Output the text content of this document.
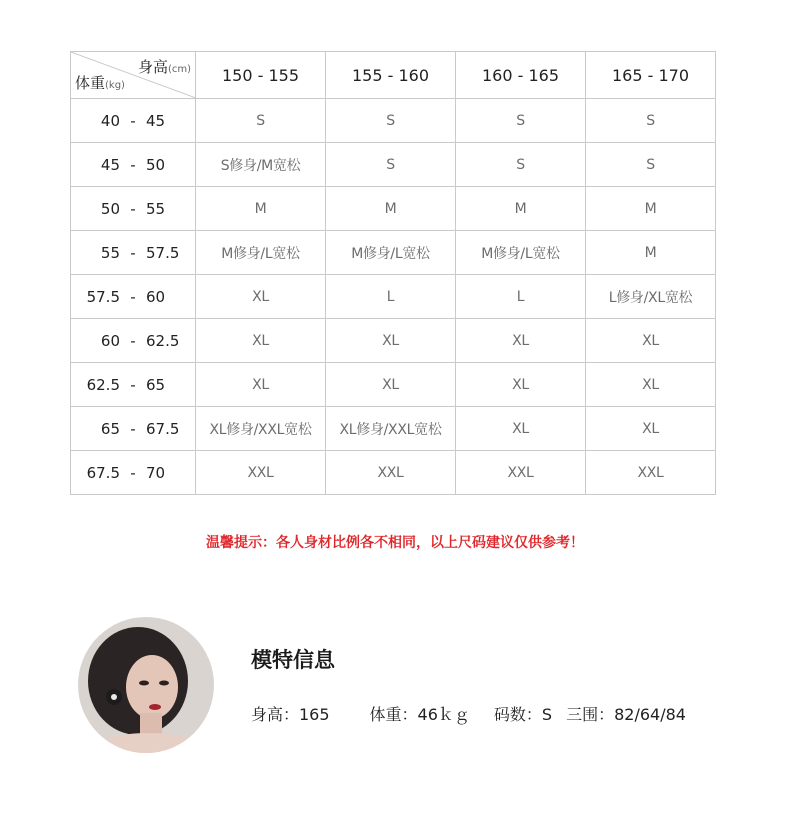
身高(cm)
体重(kg)	150 - 155	155 - 160	160 - 165	165 - 170
40 - 45	S	S	S	S
45 - 50	S修身/M宽松	S	S	S
50 - 55	M	M	M	M
55 - 57.5	M修身/L宽松	M修身/L宽松	M修身/L宽松	M
57.5 - 60	XL	L	L	L修身/XL宽松
60 - 62.5	XL	XL	XL	XL
62.5 - 65	XL	XL	XL	XL
65 - 67.5	XL修身/XXL宽松	XL修身/XXL宽松	XL	XL
67.5 - 70	XXL	XXL	XXL	XXL
温馨提示：各人身材比例各不相同，以上尺码建议仅供参考！
模特信息
身高：165	体重：46ｋｇ 码数：S 三围：82/64/84
